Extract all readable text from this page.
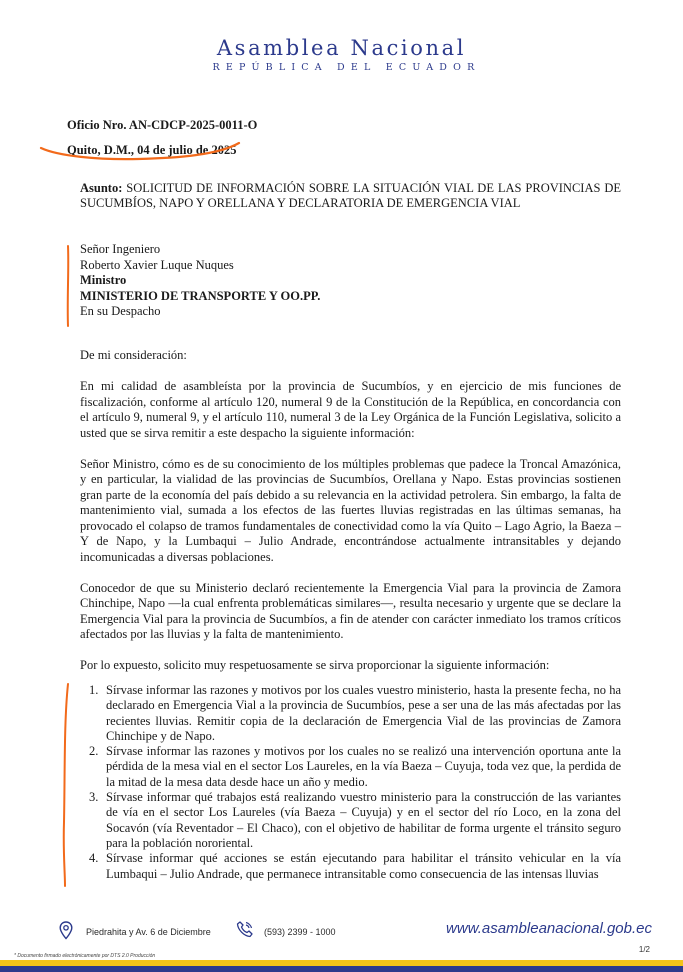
Asamblea Nacional
REPÚBLICA DEL ECUADOR
Oficio Nro. AN-CDCP-2025-0011-O
Quito, D.M., 04 de julio de 2025
Asunto: SOLICITUD DE INFORMACIÓN SOBRE LA SITUACIÓN VIAL DE LAS PROVINCIAS DE SUCUMBÍOS, NAPO Y ORELLANA Y DECLARATORIA DE EMERGENCIA VIAL
Señor Ingeniero
Roberto Xavier Luque Nuques
Ministro
MINISTERIO DE TRANSPORTE Y OO.PP.
En su Despacho

De mi consideración:

En mi calidad de asambleísta por la provincia de Sucumbíos, y en ejercicio de mis funciones de fiscalización, conforme al artículo 120, numeral 9 de la Constitución de la República, en concordancia con el artículo 9, numeral 9, y el artículo 110, numeral 3 de la Ley Orgánica de la Función Legislativa, solicito a usted que se sirva remitir a este despacho la siguiente información:

Señor Ministro, cómo es de su conocimiento de los múltiples problemas que padece la Troncal Amazónica, y en particular, la vialidad de las provincias de Sucumbíos, Orellana y Napo. Estas provincias sostienen gran parte de la economía del país debido a su relevancia en la actividad petrolera. Sin embargo, la falta de mantenimiento vial, sumada a los efectos de las fuertes lluvias registradas en las últimas semanas, ha provocado el colapso de tramos fundamentales de conectividad como la vía Quito – Lago Agrio, la Baeza – Y de Napo, y la Lumbaqui – Julio Andrade, encontrándose actualmente intransitables y dejando incomunicadas a diversas poblaciones.

Conocedor de que su Ministerio declaró recientemente la Emergencia Vial para la provincia de Zamora Chinchipe, Napo —la cual enfrenta problemáticas similares—, resulta necesario y urgente que se declare la Emergencia Vial para la provincia de Sucumbíos, a fin de atender con carácter inmediato los tramos críticos afectados por las lluvias y la falta de mantenimiento.

Por lo expuesto, solicito muy respetuosamente se sirva proporcionar la siguiente información:

1. Sírvase informar las razones y motivos por los cuales vuestro ministerio, hasta la presente fecha, no ha declarado en Emergencia Vial a la provincia de Sucumbíos, pese a ser una de las más afectadas por las recientes lluvias. Remitir copia de la declaración de Emergencia Vial de las provincias de Zamora Chinchipe y de Napo.
2. Sírvase informar las razones y motivos por los cuales no se realizó una intervención oportuna ante la pérdida de la mesa vial en el sector Los Laureles, en la vía Baeza – Cuyuja, toda vez que, la perdida de la mitad de la mesa data desde hace un año y medio.
3. Sírvase informar qué trabajos está realizando vuestro ministerio para la construcción de las variantes de vía en el sector Los Laureles (vía Baeza – Cuyuja) y en el sector del río Loco, en la zona del Socavón (vía Reventador – El Chaco), con el objetivo de habilitar de forma urgente el tránsito seguro para la población nororiental.
4. Sírvase informar qué acciones se están ejecutando para habilitar el tránsito vehicular en la vía Lumbaqui – Julio Andrade, que permanece intransitable como consecuencia de las intensas lluvias
Piedrahita y Av. 6 de Diciembre	(593) 2399 - 1000	www.asambleanacional.gob.ec
1/2
* Documento firmado electrónicamente por DTS 2.0 Producción
